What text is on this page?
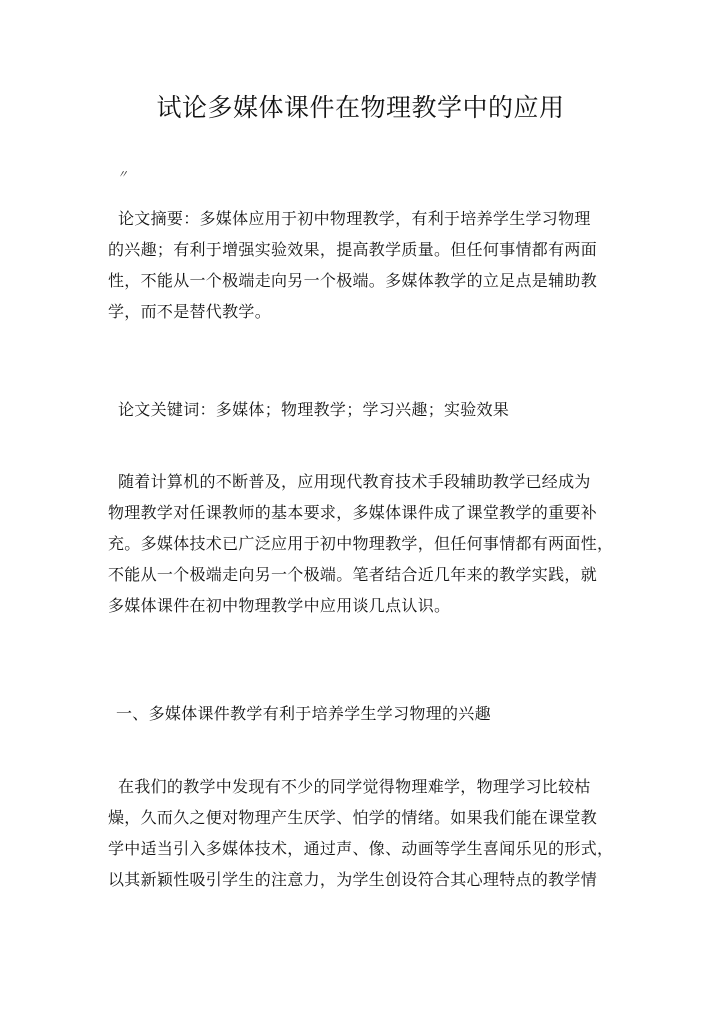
试论多媒体课件在物理教学中的应用
〃
论文摘要：多媒体应用于初中物理教学，有利于培养学生学习物理
的兴趣；有利于增强实验效果，提高教学质量。但任何事情都有两面
性，不能从一个极端走向另一个极端。多媒体教学的立足点是辅助教
学，而不是替代教学。
论文关键词：多媒体；物理教学；学习兴趣；实验效果
随着计算机的不断普及，应用现代教育技术手段辅助教学已经成为
物理教学对任课教师的基本要求，多媒体课件成了课堂教学的重要补
充。多媒体技术已广泛应用于初中物理教学，但任何事情都有两面性，
不能从一个极端走向另一个极端。笔者结合近几年来的教学实践，就
多媒体课件在初中物理教学中应用谈几点认识。
一、多媒体课件教学有利于培养学生学习物理的兴趣
在我们的教学中发现有不少的同学觉得物理难学，物理学习比较枯
燥，久而久之便对物理产生厌学、怕学的情绪。如果我们能在课堂教
学中适当引入多媒体技术，通过声、像、动画等学生喜闻乐见的形式，
以其新颖性吸引学生的注意力，为学生创设符合其心理特点的教学情
